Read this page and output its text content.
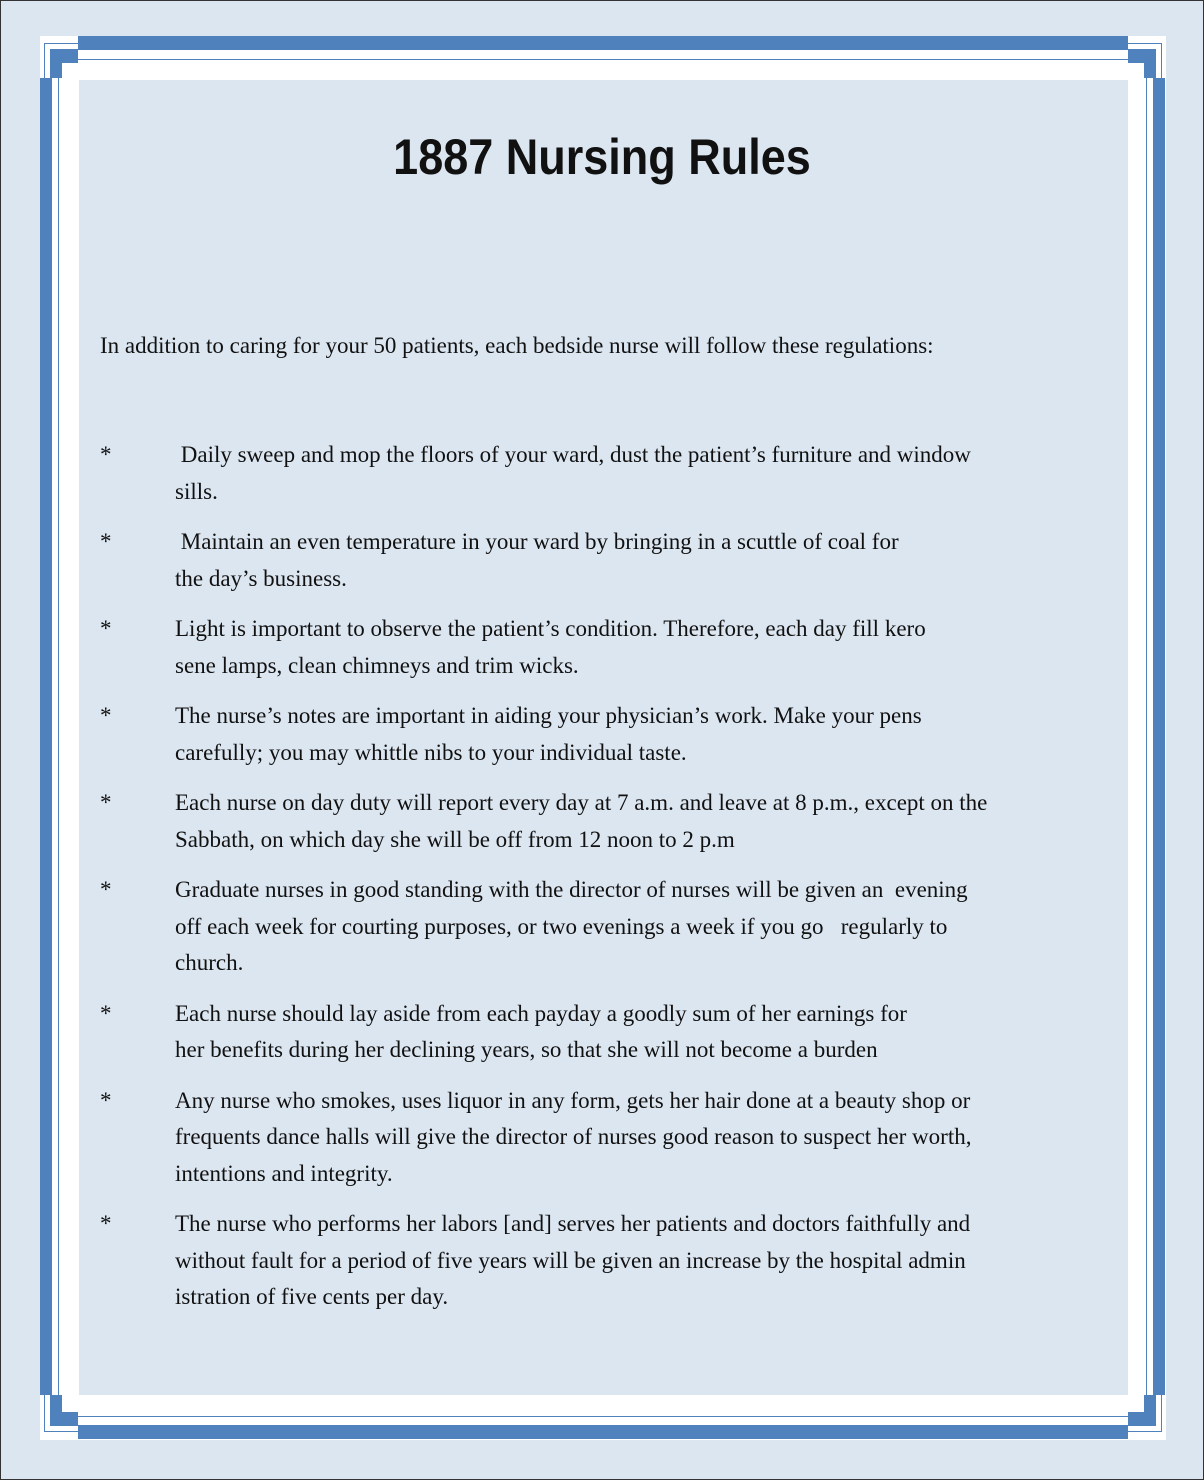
1887 Nursing Rules
In addition to caring for your 50 patients, each bedside nurse will follow these regulations:
*	Daily sweep and mop the floors of your ward, dust the patient’s furniture and window
sills.
*	Maintain an even temperature in your ward by bringing in a scuttle of coal for
the day’s business.
*	Light is important to observe the patient’s condition. Therefore, each day fill kero
sene lamps, clean chimneys and trim wicks.
*	The nurse’s notes are important in aiding your physician’s work. Make your pens
carefully; you may whittle nibs to your individual taste.
*	Each nurse on day duty will report every day at 7 a.m. and leave at 8 p.m., except on the
Sabbath, on which day she will be off from 12 noon to 2 p.m
*	Graduate nurses in good standing with the director of nurses will be given an  evening
off each week for courting purposes, or two evenings a week if you go   regularly to
church.
*	Each nurse should lay aside from each payday a goodly sum of her earnings for
her benefits during her declining years, so that she will not become a burden
*	Any nurse who smokes, uses liquor in any form, gets her hair done at a beauty shop or
frequents dance halls will give the director of nurses good reason to suspect her worth,
intentions and integrity.
*	The nurse who performs her labors [and] serves her patients and doctors faithfully and
without fault for a period of five years will be given an increase by the hospital admin
istration of five cents per day.
